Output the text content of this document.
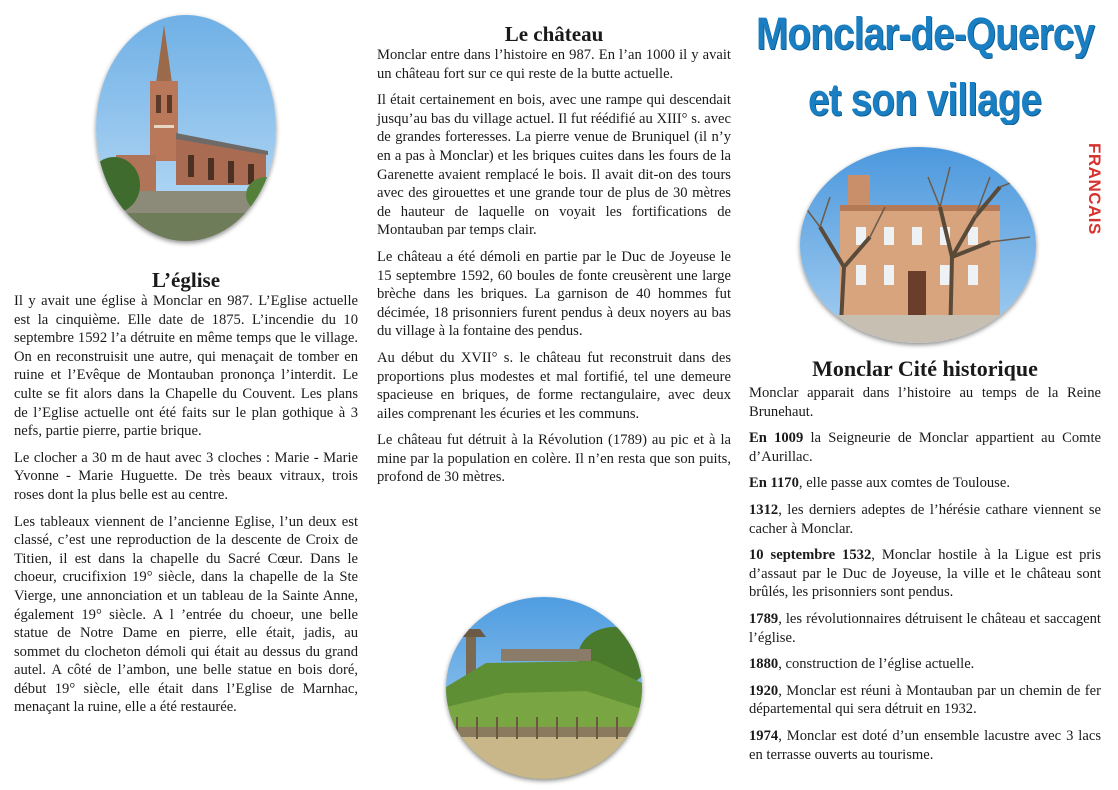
L’église

Il y avait une église à Monclar en 987. L’Eglise actuelle est la cinquième. Elle date de 1875. L’incendie du 10 septembre 1592 l’a détruite en même temps que le village. On en reconstruisit une autre, qui menaçait de tomber en ruine et l’Evêque de Montauban prononça l’interdit. Le culte se fit alors dans la Chapelle du Couvent. Les plans de l’Eglise actuelle ont été faits sur le plan gothique à 3 nefs, partie pierre, partie brique.

Le clocher a 30 m de haut avec 3 cloches : Marie - Marie Yvonne - Marie Huguette. De très beaux vitraux, trois roses dont la plus belle est au centre.

Les tableaux viennent de l’ancienne Eglise, l’un deux est classé, c’est une reproduction de la descente de Croix de Titien, il est dans la chapelle du Sacré Cœur. Dans le choeur, crucifixion 19° siècle, dans la chapelle de la Ste Vierge, une annonciation et un tableau de la Sainte Anne, également 19° siècle. A l ’entrée du choeur, une belle statue de Notre Dame en pierre, elle était, jadis, au sommet du clocheton démoli qui était au dessus du grand autel. A côté de l’ambon, une belle statue en bois doré, début 19° siècle, elle était dans l’Eglise de Marnhac, menaçant la ruine, elle a été restaurée.

Le château

Monclar entre dans l’histoire en 987. En l’an 1000 il y avait un château fort sur ce qui reste de la butte actuelle.

Il était certainement en bois, avec une rampe qui descendait jusqu’au bas du village actuel. Il fut réédifié au XIII° s. avec de grandes forteresses. La pierre venue de Bruniquel (il n’y en a pas à Monclar) et les briques cuites dans les fours de la Garenette avaient remplacé le bois. Il avait dit-on des tours avec des girouettes et une grande tour de plus de 30 mètres de hauteur de laquelle on voyait les fortifications de Montauban par temps clair.

Le château a été démoli en partie par le Duc de Joyeuse le 15 septembre 1592, 60 boules de fonte creusèrent une large brèche dans les briques. La garnison de 40 hommes fut décimée, 18 prisonniers furent pendus à deux noyers au bas du village à la fontaine des pendus.

Au début du XVII° s. le château fut reconstruit dans des proportions plus modestes et mal fortifié, tel une demeure spacieuse en briques, de forme rectangulaire, avec deux ailes comprenant les écuries et les communs.

Le château fut détruit à la Révolution (1789) au pic et à la mine par la population en colère. Il n’en resta que son puits, profond de 30 mètres.

Monclar-de-Quercy
et son village
FRANCAIS
Monclar Cité historique

Monclar apparait dans l’histoire au temps de la Reine Brunehaut.

En 1009 la Seigneurie de Monclar appartient au Comte d’Aurillac.

En 1170, elle passe aux comtes de Toulouse.

1312, les derniers adeptes de l’hérésie cathare viennent se cacher à Monclar.

10 septembre 1532, Monclar hostile à la Ligue est pris d’assaut par le Duc de Joyeuse, la ville et le château sont brûlés, les prisonniers sont pendus.

1789, les révolutionnaires détruisent le château et saccagent l’église.

1880, construction de l’église actuelle.

1920, Monclar est réuni à Montauban par un chemin de fer départemental qui sera détruit en 1932.

1974, Monclar est doté d’un ensemble lacustre avec 3 lacs en terrasse ouverts au tourisme.
